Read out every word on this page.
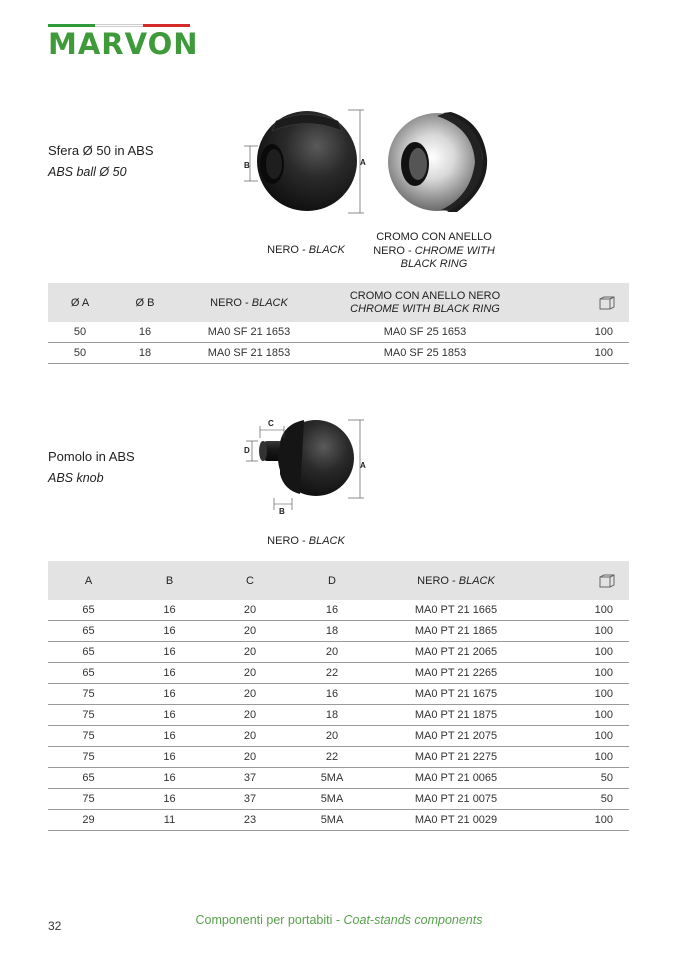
MARVON
Sfera Ø 50 in ABS
ABS ball Ø 50
A
B
NERO - BLACK
CROMO CON ANELLO
NERO - CHROME WITH
BLACK RING
Ø A	Ø B	NERO - BLACK	CROMO CON ANELLO NERO
CHROME WITH BLACK RING

50	16	MA0 SF 21 1653	MA0 SF 25 1653	100
50	18	MA0 SF 21 1853	MA0 SF 25 1853	100
Pomolo in ABS
ABS knob
C
D
A
B
NERO - BLACK
A	B	C	D	NERO - BLACK	
65	16	20	16	MA0 PT 21 1665	100
65	16	20	18	MA0 PT 21 1865	100
65	16	20	20	MA0 PT 21 2065	100
65	16	20	22	MA0 PT 21 2265	100
75	16	20	16	MA0 PT 21 1675	100
75	16	20	18	MA0 PT 21 1875	100
75	16	20	20	MA0 PT 21 2075	100
75	16	20	22	MA0 PT 21 2275	100
65	16	37	5MA	MA0 PT 21 0065	50
75	16	37	5MA	MA0 PT 21 0075	50
29	11	23	5MA	MA0 PT 21 0029	100
32	Componenti per portabiti - Coat-stands components
